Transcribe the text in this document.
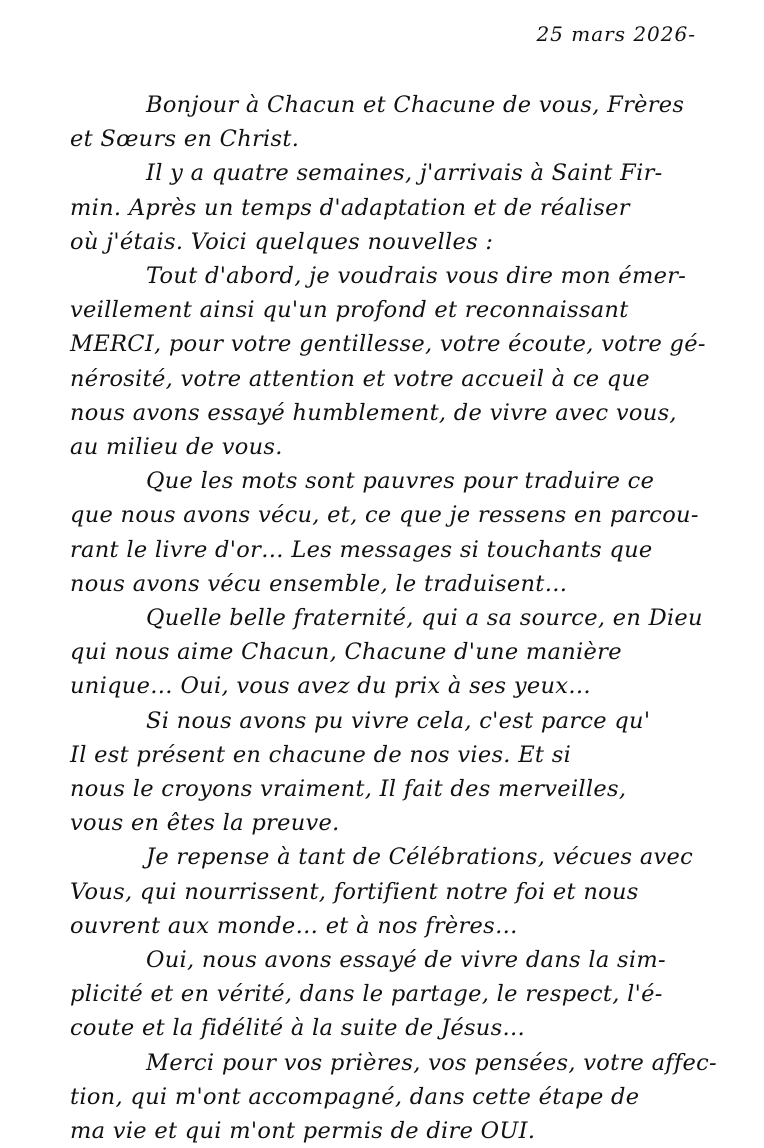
25 mars 2026-
Bonjour à Chacun et Chacune de vous, Frères
et Sœurs en Christ.
Il y a quatre semaines, j'arrivais à Saint Fir-
min. Après un temps d'adaptation et de réaliser
où j'étais. Voici quelques nouvelles :
Tout d'abord, je voudrais vous dire mon émer-
veillement ainsi qu'un profond et reconnaissant
MERCI, pour votre gentillesse, votre écoute, votre gé-
nérosité, votre attention et votre accueil à ce que
nous avons essayé humblement, de vivre avec vous,
au milieu de vous.
Que les mots sont pauvres pour traduire ce
que nous avons vécu, et, ce que je ressens en parcou-
rant le livre d'or… Les messages si touchants que
nous avons vécu ensemble, le traduisent…
Quelle belle fraternité, qui a sa source, en Dieu
qui nous aime Chacun, Chacune d'une manière
unique… Oui, vous avez du prix à ses yeux…
Si nous avons pu vivre cela, c'est parce qu'
Il est présent en chacune de nos vies. Et si
nous le croyons vraiment, Il fait des merveilles,
vous en êtes la preuve.
Je repense à tant de Célébrations, vécues avec
Vous, qui nourrissent, fortifient notre foi et nous
ouvrent aux monde… et à nos frères…
Oui, nous avons essayé de vivre dans la sim-
plicité et en vérité, dans le partage, le respect, l'é-
coute et la fidélité à la suite de Jésus…
Merci pour vos prières, vos pensées, votre affec-
tion, qui m'ont accompagné, dans cette étape de
ma vie et qui m'ont permis de dire OUI.
